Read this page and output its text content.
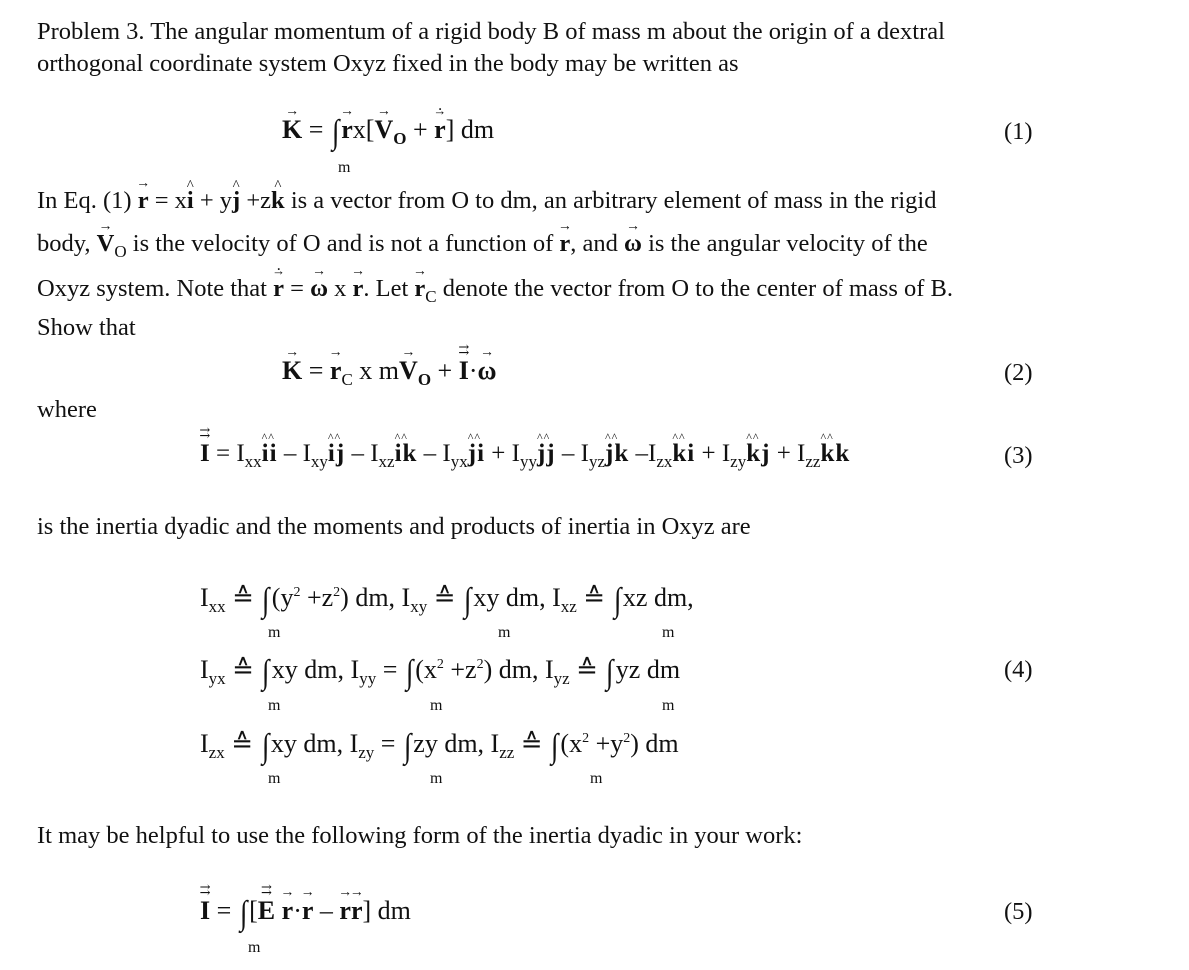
Problem 3. The angular momentum of a rigid body B of mass m about the origin of a dextral
orthogonal coordinate system Oxyz fixed in the body may be written as
→ K = ∫→ $rx[\to V_O$ + → r .] dm
m
(1)
In Eq. (1) → r = x^ i + y^ j +z^ k is a vector from O to dm, an arbitrary element of mass in the rigid
body, → $V_O$ is the velocity of O and is not a function of → r, and → ω is the angular velocity of the
Oxyz system. Note that → r . = → ω x → r. Let → $r_C$ denote the vector from O to the center of mass of B.
Show that
→ K = → $r_C$ x $m\to V_O$ + ⇉ I·→ ω	(2)
where
⇉ $I = I_{xx}\^{}$ ^ ii – $I_{xy}\^{}$ ^ ij – $I_{xz}\^{}$ ^ ik – $I_{yx}\^{}$ ^ ji + $I_{yy}\^{}$ ^ jj – $I_{yz}\^{}$ ^ jk $-I_{zx}\^{}$ ^ ki + $I_{zy}\^{}$ ^ kj + $I_{zz}\^{}$ ^ kk	(3)
is the inertia dyadic and the moments and products of inertia in Oxyz are
$I_{xx}$ ≙ $\int(y^2 +z^2)$ dm, $I_{xy}$ ≙ ∫xy dm, $I_{xz}$ ≙ ∫xz dm,
m	m	m
$I_{yx}$ ≙ ∫xy dm, $I_{yy} = \int(x^2 +z^2)$ dm, $I_{yz}$ ≙ ∫yz dm
m	m	m
(4)
$I_{zx}$ ≙ ∫xy dm, $I_{zy} = \int zy$ dm, $I_{zz}$ ≙ $\int(x^2 +y^2)$ dm
m	m	m
It may be helpful to use the following form of the inertia dyadic in your work:
⇉ I = ∫[⇉ E → r·→ r – → r→ r] dm
m
(5)
